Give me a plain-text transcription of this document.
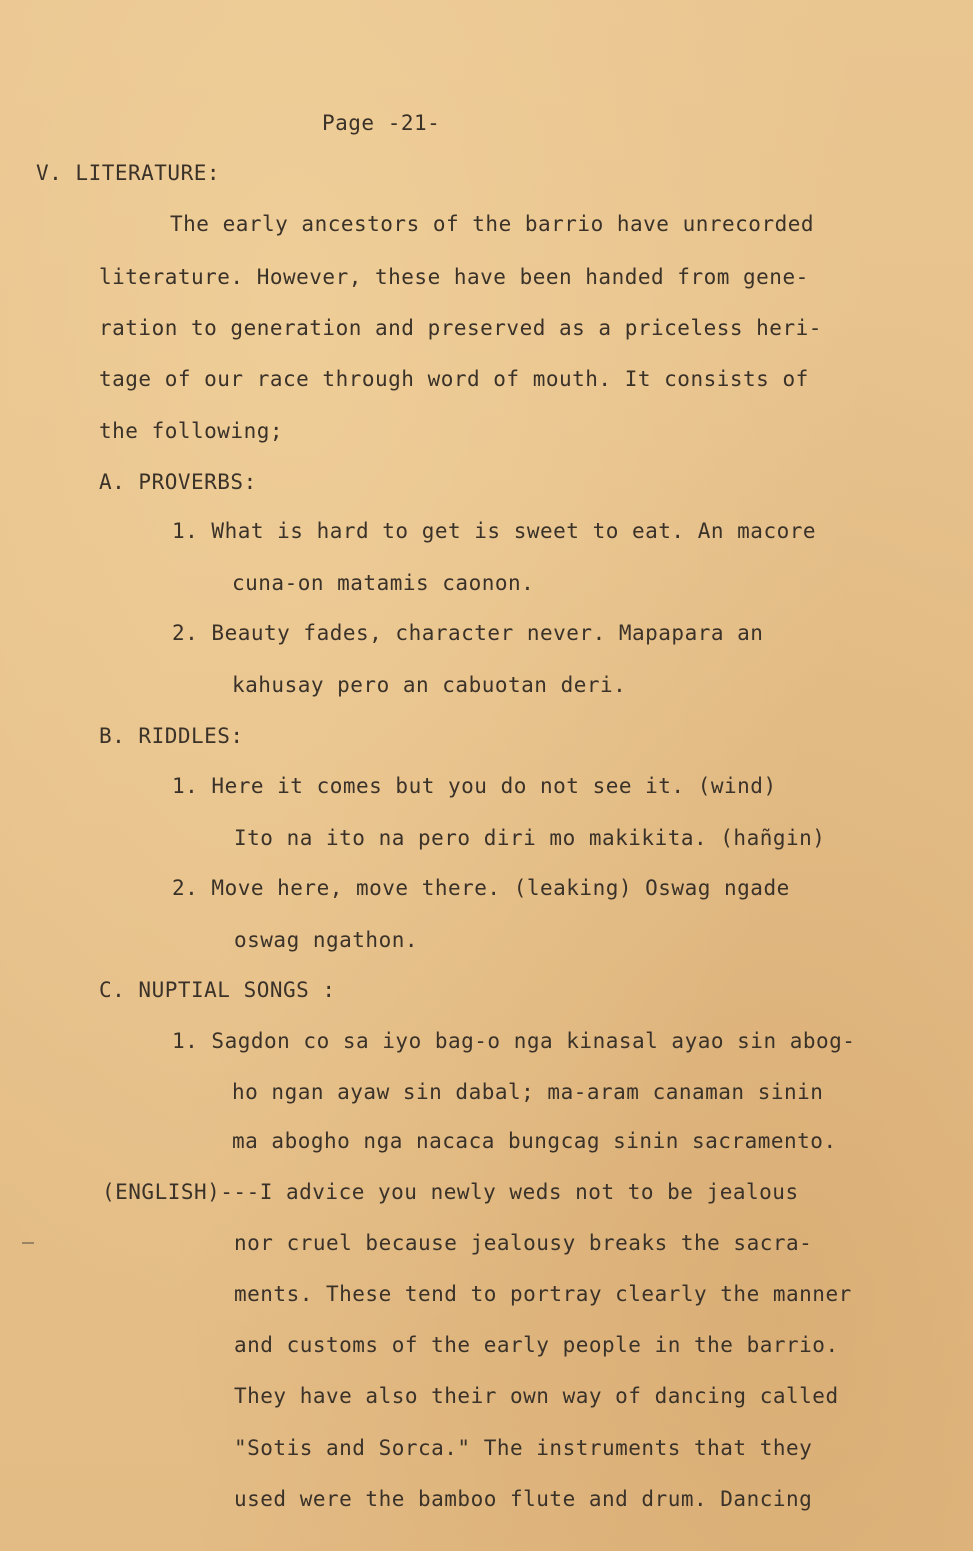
Page -21-
V. LITERATURE:
The early ancestors of the barrio have unrecorded
literature. However, these have been handed from gene-
ration to generation and preserved as a priceless heri-
tage of our race through word of mouth. It consists of
the following;
A. PROVERBS:
1. What is hard to get is sweet to eat. An macore
cuna-on matamis caonon.
2. Beauty fades, character never. Mapapara an
kahusay pero an cabuotan deri.
B. RIDDLES:
1. Here it comes but you do not see it. (wind)
Ito na ito na pero diri mo makikita. (hañgin)
2. Move here, move there. (leaking) Oswag ngade
oswag ngathon.
C. NUPTIAL SONGS :
1. Sagdon co sa iyo bag-o nga kinasal ayao sin abog-
ho ngan ayaw sin dabal; ma-aram canaman sinin
ma abogho nga nacaca bungcag sinin sacramento.
(ENGLISH)---I advice you newly weds not to be jealous
nor cruel because jealousy breaks the sacra-
ments. These tend to portray clearly the manner
and customs of the early people in the barrio.
They have also their own way of dancing called
"Sotis and Sorca." The instruments that they
used were the bamboo flute and drum. Dancing
